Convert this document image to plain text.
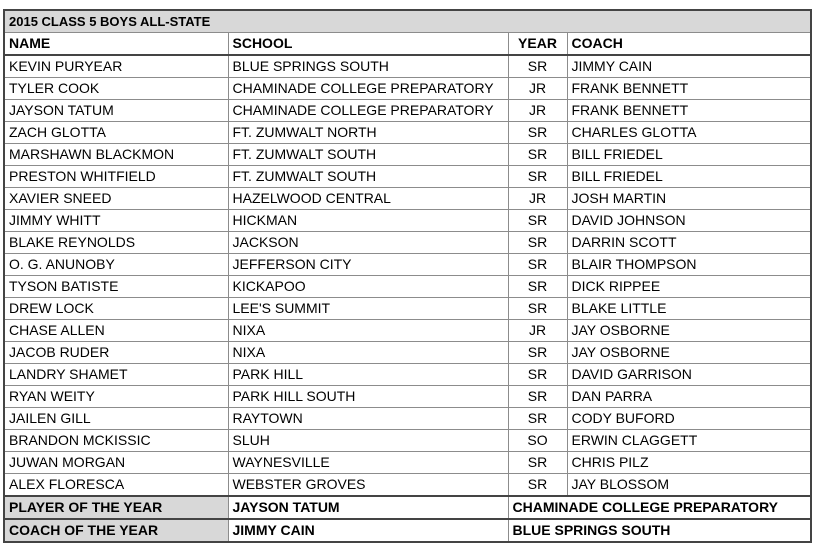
2015 CLASS 5 BOYS ALL-STATE			
NAME	SCHOOL	YEAR	COACH
KEVIN PURYEAR	BLUE SPRINGS SOUTH	SR	JIMMY CAIN
TYLER COOK	CHAMINADE COLLEGE PREPARATORY	JR	FRANK BENNETT
JAYSON TATUM	CHAMINADE COLLEGE PREPARATORY	JR	FRANK BENNETT
ZACH GLOTTA	FT. ZUMWALT NORTH	SR	CHARLES GLOTTA
MARSHAWN BLACKMON	FT. ZUMWALT SOUTH	SR	BILL FRIEDEL
PRESTON WHITFIELD	FT. ZUMWALT SOUTH	SR	BILL FRIEDEL
XAVIER SNEED	HAZELWOOD CENTRAL	JR	JOSH MARTIN
JIMMY WHITT	HICKMAN	SR	DAVID JOHNSON
BLAKE REYNOLDS	JACKSON	SR	DARRIN SCOTT
O. G. ANUNOBY	JEFFERSON CITY	SR	BLAIR THOMPSON
TYSON BATISTE	KICKAPOO	SR	DICK RIPPEE
DREW LOCK	LEE'S SUMMIT	SR	BLAKE LITTLE
CHASE ALLEN	NIXA	JR	JAY OSBORNE
JACOB RUDER	NIXA	SR	JAY OSBORNE
LANDRY SHAMET	PARK HILL	SR	DAVID GARRISON
RYAN WEITY	PARK HILL SOUTH	SR	DAN PARRA
JAILEN GILL	RAYTOWN	SR	CODY BUFORD
BRANDON MCKISSIC	SLUH	SO	ERWIN CLAGGETT
JUWAN MORGAN	WAYNESVILLE	SR	CHRIS PILZ
ALEX FLORESCA	WEBSTER GROVES	SR	JAY BLOSSOM
PLAYER OF THE YEAR	JAYSON TATUM	CHAMINADE COLLEGE PREPARATORY	
COACH OF THE YEAR	JIMMY CAIN	BLUE SPRINGS SOUTH	
